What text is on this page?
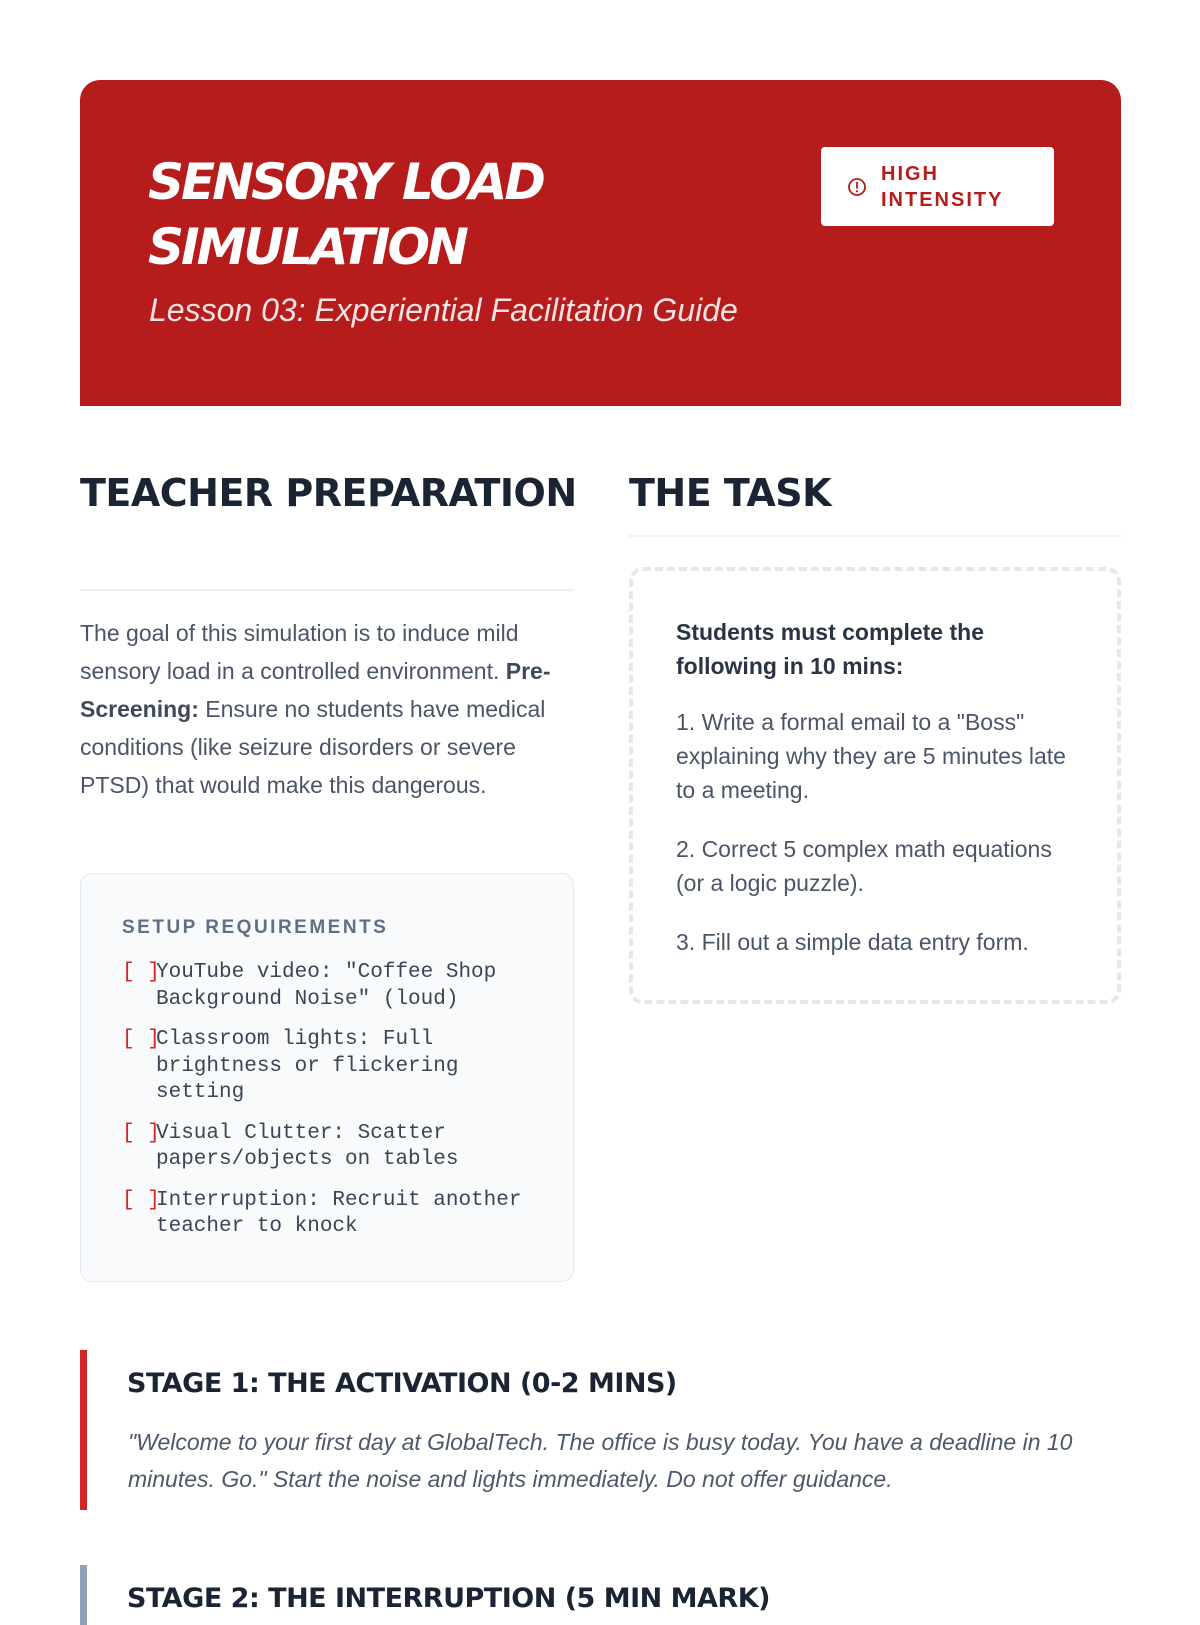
SENSORY LOAD SIMULATION
Lesson 03: Experiential Facilitation Guide
HIGH INTENSITY
TEACHER PREPARATION

The goal of this simulation is to induce mild sensory load in a controlled environment. Pre-Screening: Ensure no students have medical conditions (like seizure disorders or severe PTSD) that would make this dangerous.

SETUP REQUIREMENTS
[ ]
YouTube video: "Coffee Shop Background Noise" (loud)
[ ]
Classroom lights: Full brightness or flickering setting
[ ]
Visual Clutter: Scatter papers/objects on tables
[ ]
Interruption: Recruit another teacher to knock
THE TASK

Students must complete the following in 10 mins:

1. Write a formal email to a "Boss" explaining why they are 5 minutes late to a meeting.
2. Correct 5 complex math equations (or a logic puzzle).
3. Fill out a simple data entry form.
STAGE 1: THE ACTIVATION (0-2 MINS)

"Welcome to your first day at GlobalTech. The office is busy today. You have a deadline in 10 minutes. Go." Start the noise and lights immediately. Do not offer guidance.

STAGE 2: THE INTERRUPTION (5 MIN MARK)
